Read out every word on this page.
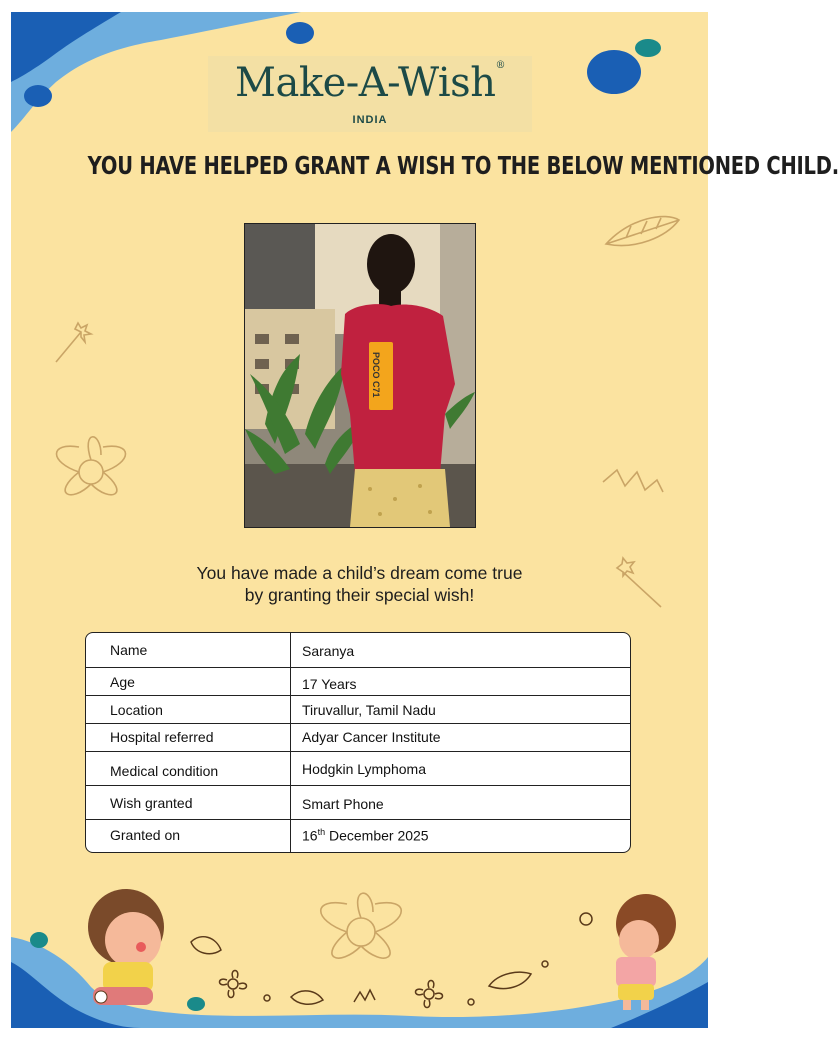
Make-A-Wish®
INDIA
YOU HAVE HELPED GRANT A WISH TO THE BELOW MENTIONED CHILD.
POCO C71
You have made a child’s dream come true
by granting their special wish!
Name	Saranya
Age	17 Years
Location	Tiruvallur, Tamil Nadu
Hospital referred	Adyar Cancer Institute
Medical condition	Hodgkin Lymphoma
Wish granted	Smart Phone
Granted on	16th December 2025
